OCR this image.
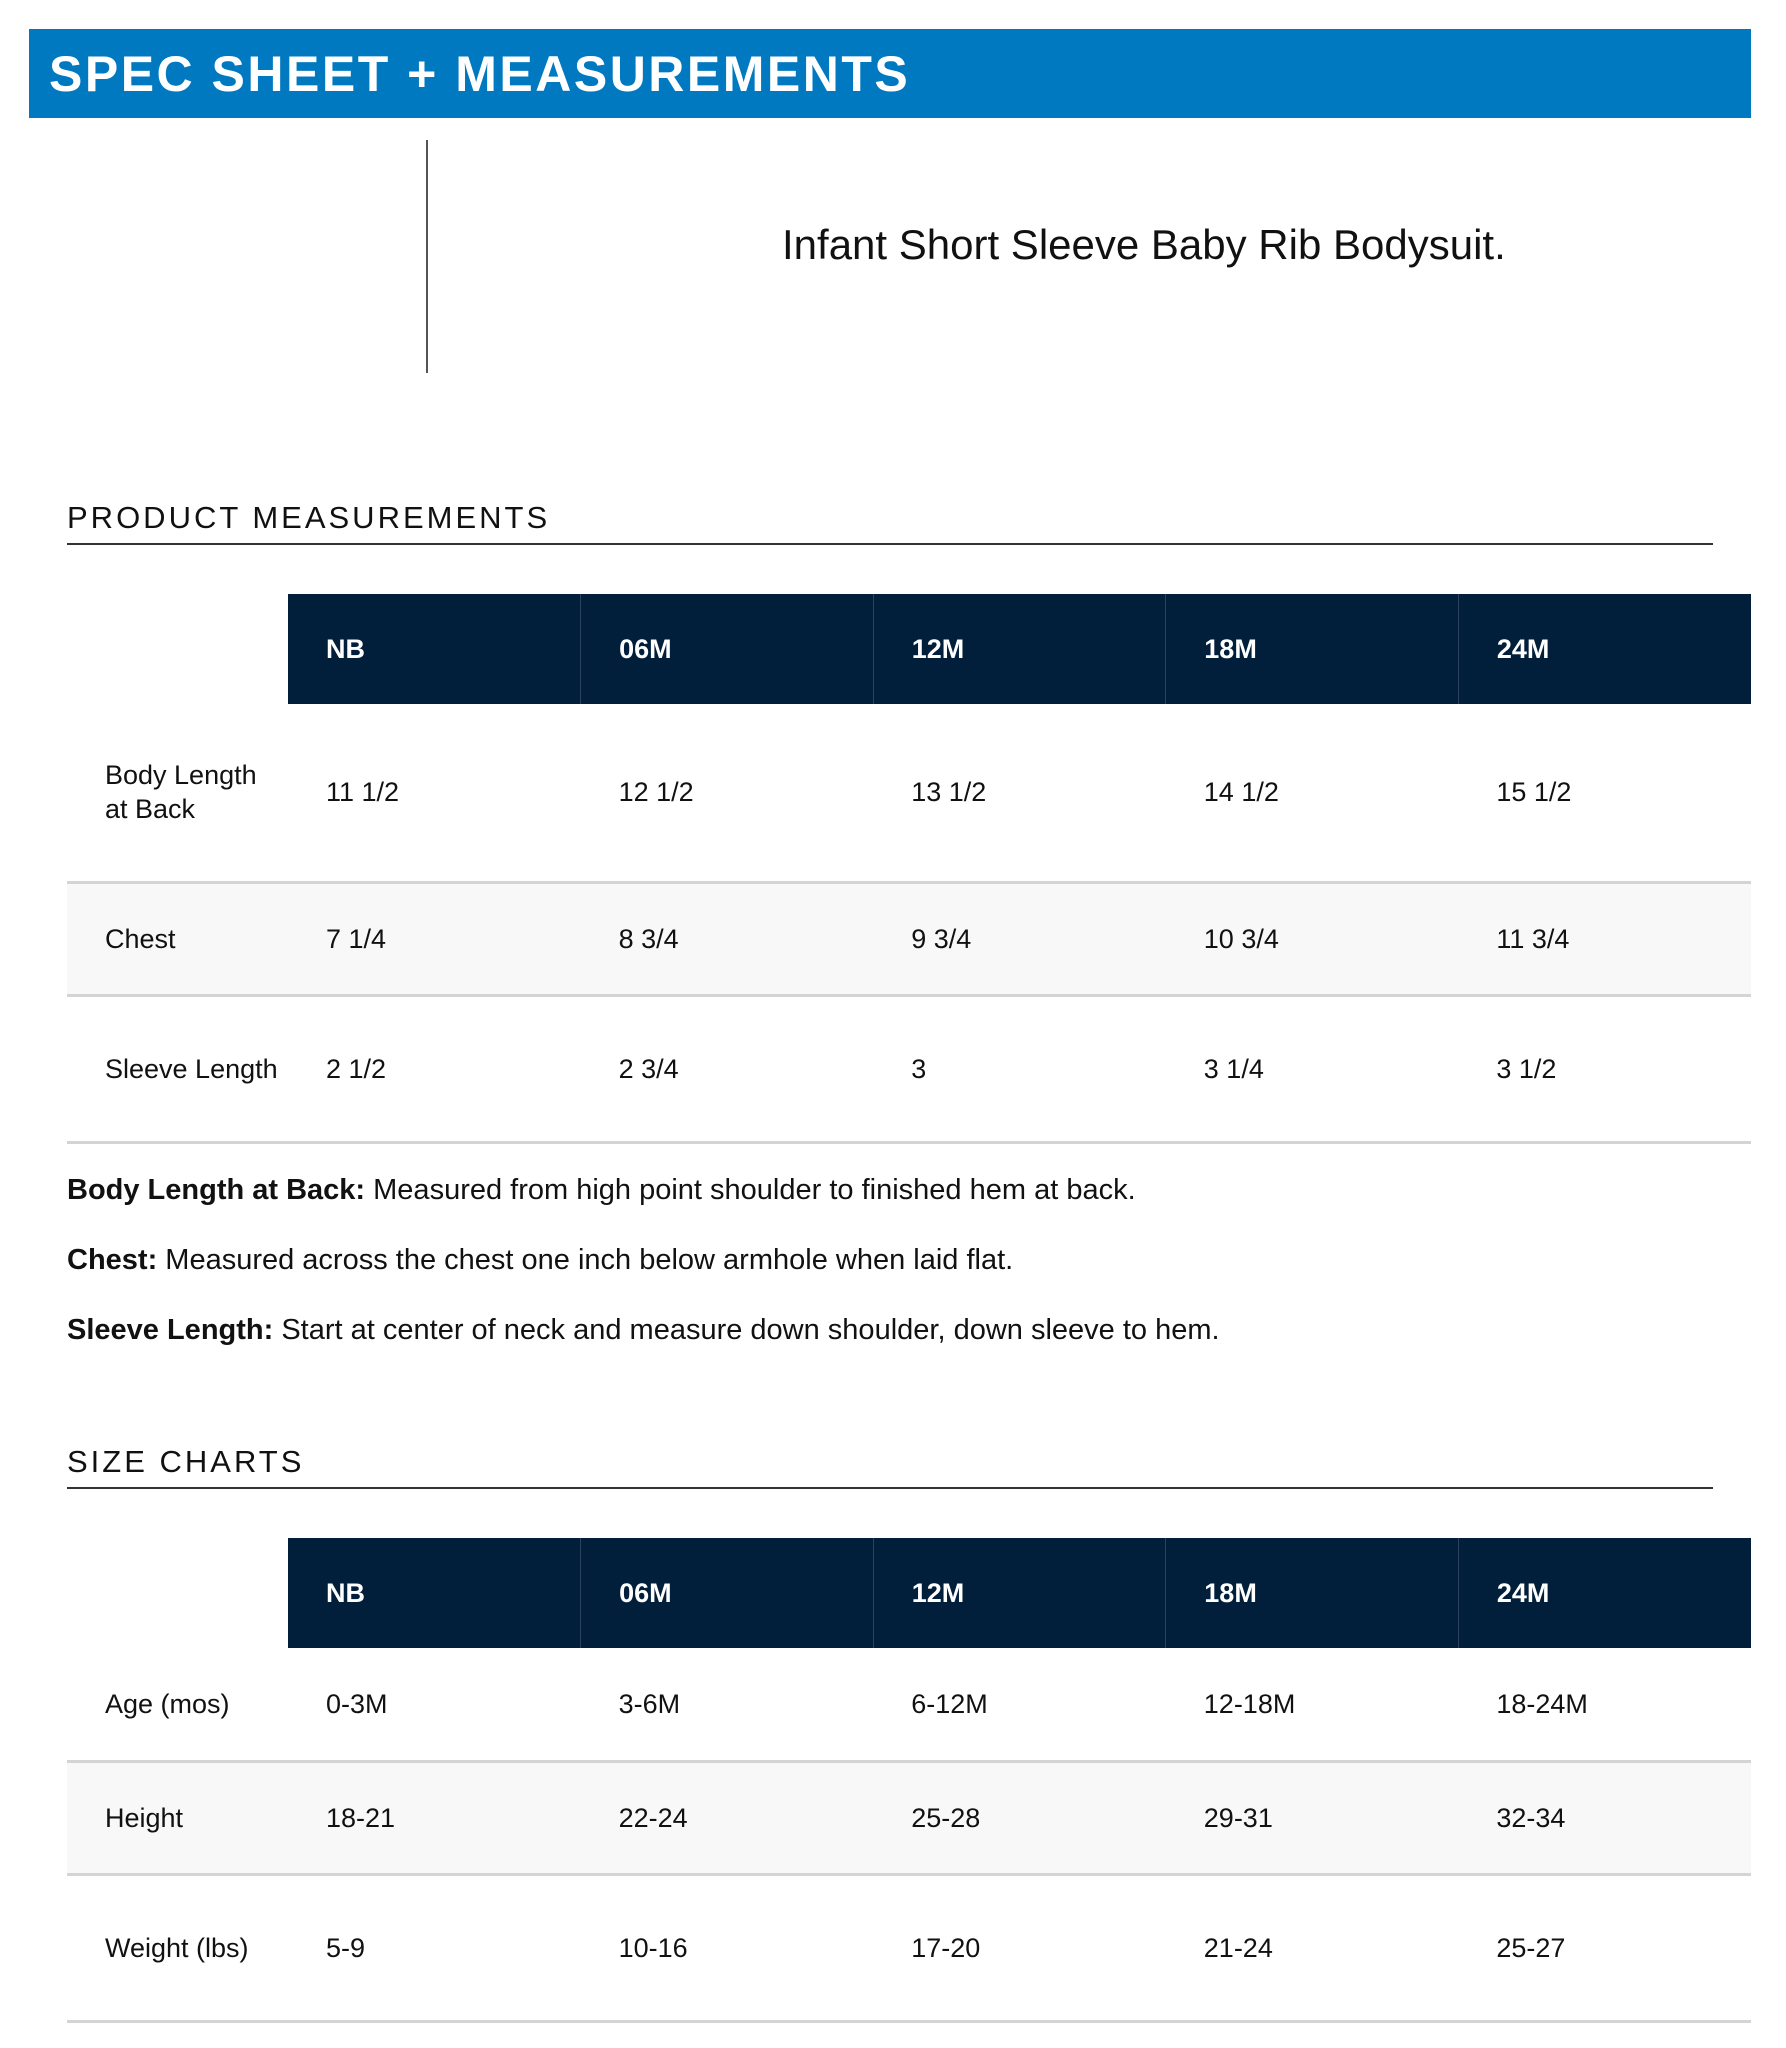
SPEC SHEET + MEASUREMENTS
Infant Short Sleeve Baby Rib Bodysuit.
PRODUCT MEASUREMENTS
	NB	06M	12M	18M	24M
Body Length at Back	11 1/2	12 1/2	13 1/2	14 1/2	15 1/2
Chest	7 1/4	8 3/4	9 3/4	10 3/4	11 3/4
Sleeve Length	2 1/2	2 3/4	3	3 1/4	3 1/2

Body Length at Back: Measured from high point shoulder to finished hem at back.

Chest: Measured across the chest one inch below armhole when laid flat.

Sleeve Length: Start at center of neck and measure down shoulder, down sleeve to hem.

SIZE CHARTS
	NB	06M	12M	18M	24M
Age (mos)	0-3M	3-6M	6-12M	12-18M	18-24M
Height	18-21	22-24	25-28	29-31	32-34
Weight (lbs)	5-9	10-16	17-20	21-24	25-27
